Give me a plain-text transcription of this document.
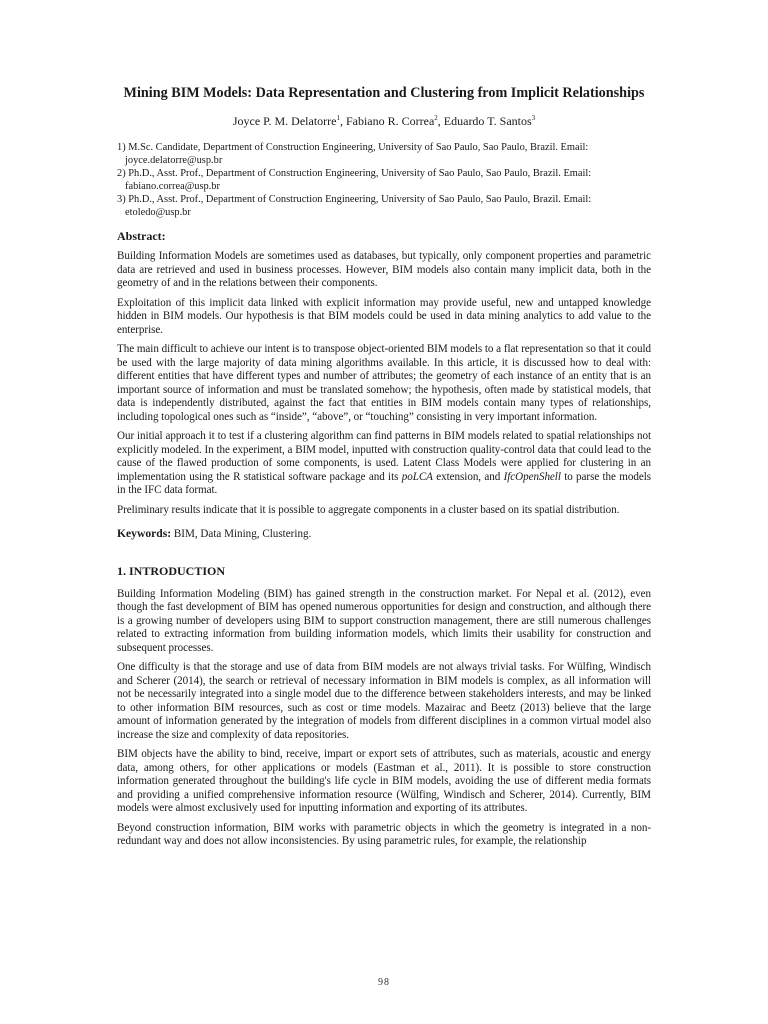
Mining BIM Models: Data Representation and Clustering from Implicit Relationships
Joyce P. M. Delatorre$^1$, Fabiano R. Correa$^2$, Eduardo T. Santos$^3$
1) M.Sc. Candidate, Department of Construction Engineering, University of Sao Paulo, Sao Paulo, Brazil. Email:
joyce.delatorre@usp.br
2) Ph.D., Asst. Prof., Department of Construction Engineering, University of Sao Paulo, Sao Paulo, Brazil. Email:
fabiano.correa@usp.br
3) Ph.D., Asst. Prof., Department of Construction Engineering, University of Sao Paulo, Sao Paulo, Brazil. Email:
etoledo@usp.br
Abstract:

Building Information Models are sometimes used as databases, but typically, only component properties and parametric data are retrieved and used in business processes. However, BIM models also contain many implicit data, both in the geometry of and in the relations between their components.

Exploitation of this implicit data linked with explicit information may provide useful, new and untapped knowledge hidden in BIM models. Our hypothesis is that BIM models could be used in data mining analytics to add value to the enterprise.

The main difficult to achieve our intent is to transpose object-oriented BIM models to a flat representation so that it could be used with the large majority of data mining algorithms available. In this article, it is discussed how to deal with: different entities that have different types and number of attributes; the geometry of each instance of an entity that is an important source of information and must be translated somehow; the hypothesis, often made by statistical models, that data is independently distributed, against the fact that entities in BIM models contain many types of relationships, including topological ones such as “inside”, “above”, or “touching” consisting in very important information.

Our initial approach it to test if a clustering algorithm can find patterns in BIM models related to spatial relationships not explicitly modeled. In the experiment, a BIM model, inputted with construction quality-control data that could lead to the cause of the flawed production of some components, is used. Latent Class Models were applied for clustering in an implementation using the R statistical software package and its poLCA extension, and IfcOpenShell to parse the models in the IFC data format.

Preliminary results indicate that it is possible to aggregate components in a cluster based on its spatial distribution.

Keywords: BIM, Data Mining, Clustering.
1. INTRODUCTION

Building Information Modeling (BIM) has gained strength in the construction market. For Nepal et al. (2012), even though the fast development of BIM has opened numerous opportunities for design and construction, and although there is a growing number of developers using BIM to support construction management, there are still numerous challenges related to extracting information from building information models, which limits their usability for construction and subsequent processes.

One difficulty is that the storage and use of data from BIM models are not always trivial tasks. For Wülfing, Windisch and Scherer (2014), the search or retrieval of necessary information in BIM models is complex, as all information will not be necessarily integrated into a single model due to the difference between stakeholders interests, and may be linked to other information BIM resources, such as cost or time models. Mazairac and Beetz (2013) believe that the large amount of information generated by the integration of models from different disciplines in a common virtual model also increase the size and complexity of data repositories.

BIM objects have the ability to bind, receive, impart or export sets of attributes, such as materials, acoustic and energy data, among others, for other applications or models (Eastman et al., 2011). It is possible to store construction information generated throughout the building's life cycle in BIM models, avoiding the use of different media formats and providing a unified comprehensive information resource (Wülfing, Windisch and Scherer, 2014). Currently, BIM models were almost exclusively used for inputting information and exporting of its attributes.

Beyond construction information, BIM works with parametric objects in which the geometry is integrated in a non-redundant way and does not allow inconsistencies. By using parametric rules, for example, the relationship

98
